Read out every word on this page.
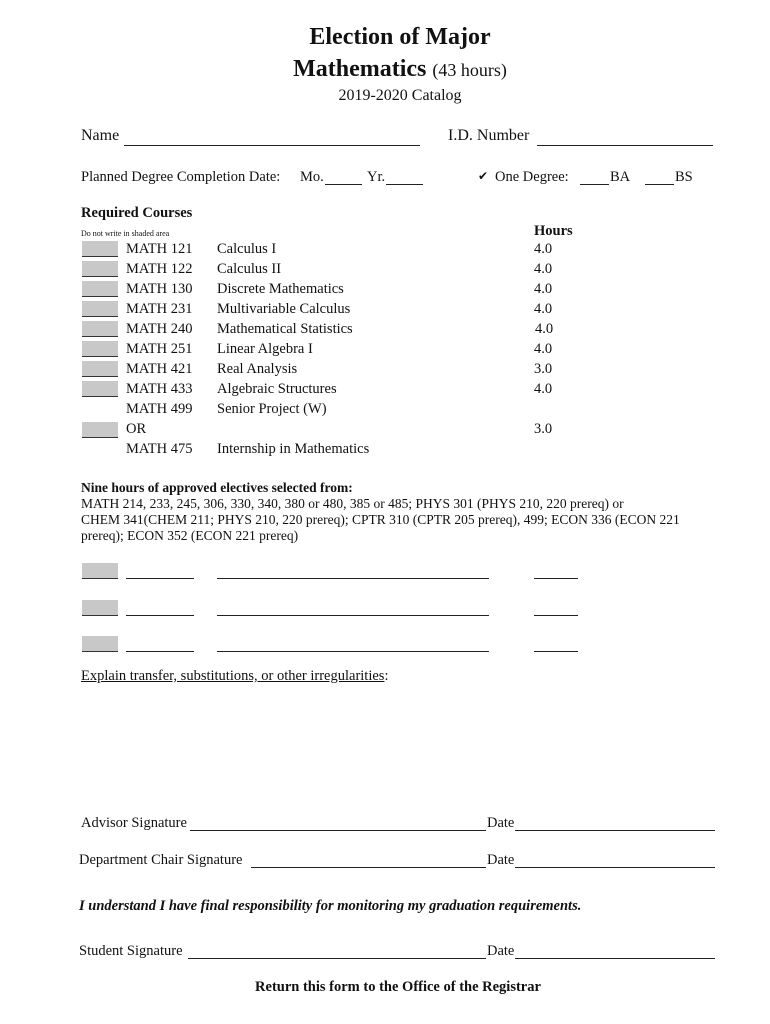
Election of Major
Mathematics (43 hours)
2019-2020 Catalog
Name	I.D. Number
Planned Degree Completion Date: Mo.	Yr.	✔ One Degree:	BA	BS
Required Courses
Do not write in shaded area	Hours
MATH 121 Calculus I	4.0
MATH 122 Calculus II	4.0
MATH 130 Discrete Mathematics	4.0
MATH 231 Multivariable Calculus	4.0
MATH 240 Mathematical Statistics	4.0
MATH 251 Linear Algebra I	4.0
MATH 421 Real Analysis	3.0
MATH 433 Algebraic Structures	4.0
MATH 499 Senior Project (W)
OR	3.0
MATH 475 Internship in Mathematics
Nine hours of approved electives selected from:
MATH 214, 233, 245, 306, 330, 340, 380 or 480, 385 or 485; PHYS 301 (PHYS 210, 220 prereq) or
CHEM 341(CHEM 211; PHYS 210, 220 prereq); CPTR 310 (CPTR 205 prereq), 499; ECON 336 (ECON 221
prereq); ECON 352 (ECON 221 prereq)
Explain transfer, substitutions, or other irregularities:
Advisor Signature	Date
Department Chair Signature	Date
I understand I have final responsibility for monitoring my graduation requirements.
Student Signature	Date
Return this form to the Office of the Registrar
